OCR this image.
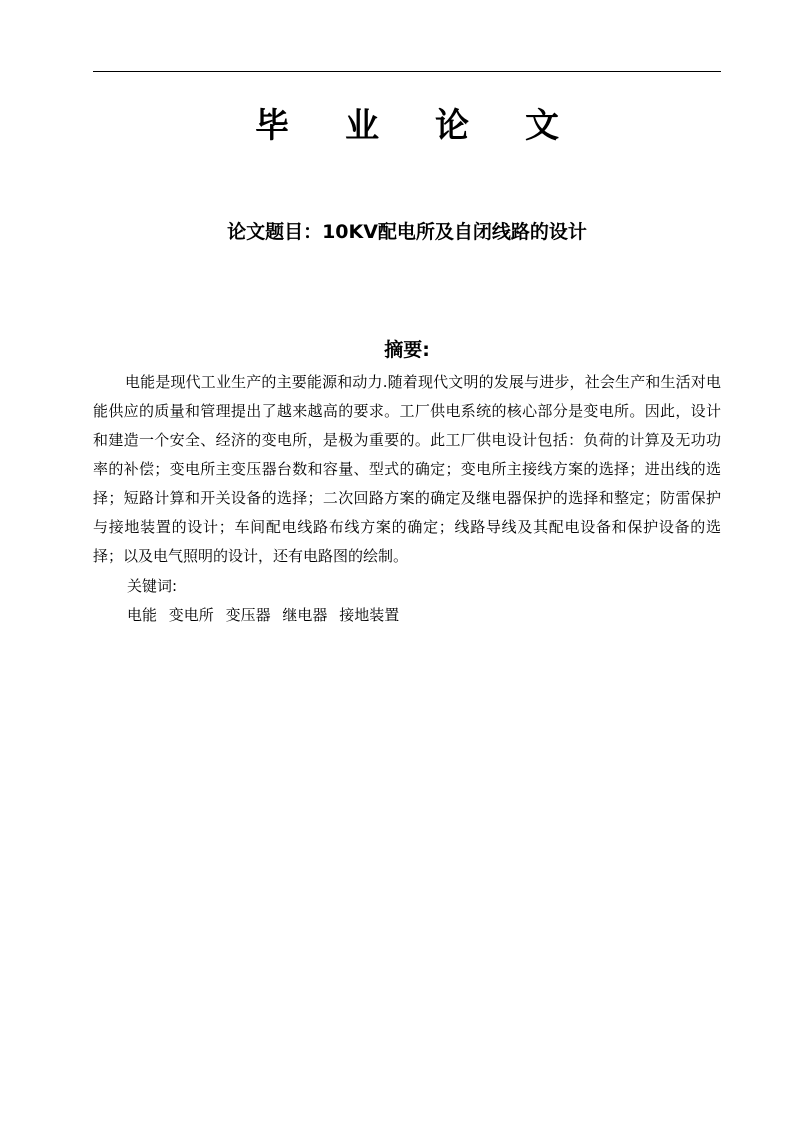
毕业论文
论文题目：10KV配电所及自闭线路的设计
摘要:

电能是现代工业生产的主要能源和动力.随着现代文明的发展与进步，社会生产和生活对电能供应的质量和管理提出了越来越高的要求。工厂供电系统的核心部分是变电所。因此，设计和建造一个安全、经济的变电所，是极为重要的。此工厂供电设计包括：负荷的计算及无功功率的补偿；变电所主变压器台数和容量、型式的确定；变电所主接线方案的选择；进出线的选择；短路计算和开关设备的选择；二次回路方案的确定及继电器保护的选择和整定；防雷保护与接地装置的设计；车间配电线路布线方案的确定；线路导线及其配电设备和保护设备的选择；以及电气照明的设计，还有电路图的绘制。

关键词:
电能 变电所 变压器 继电器 接地装置
